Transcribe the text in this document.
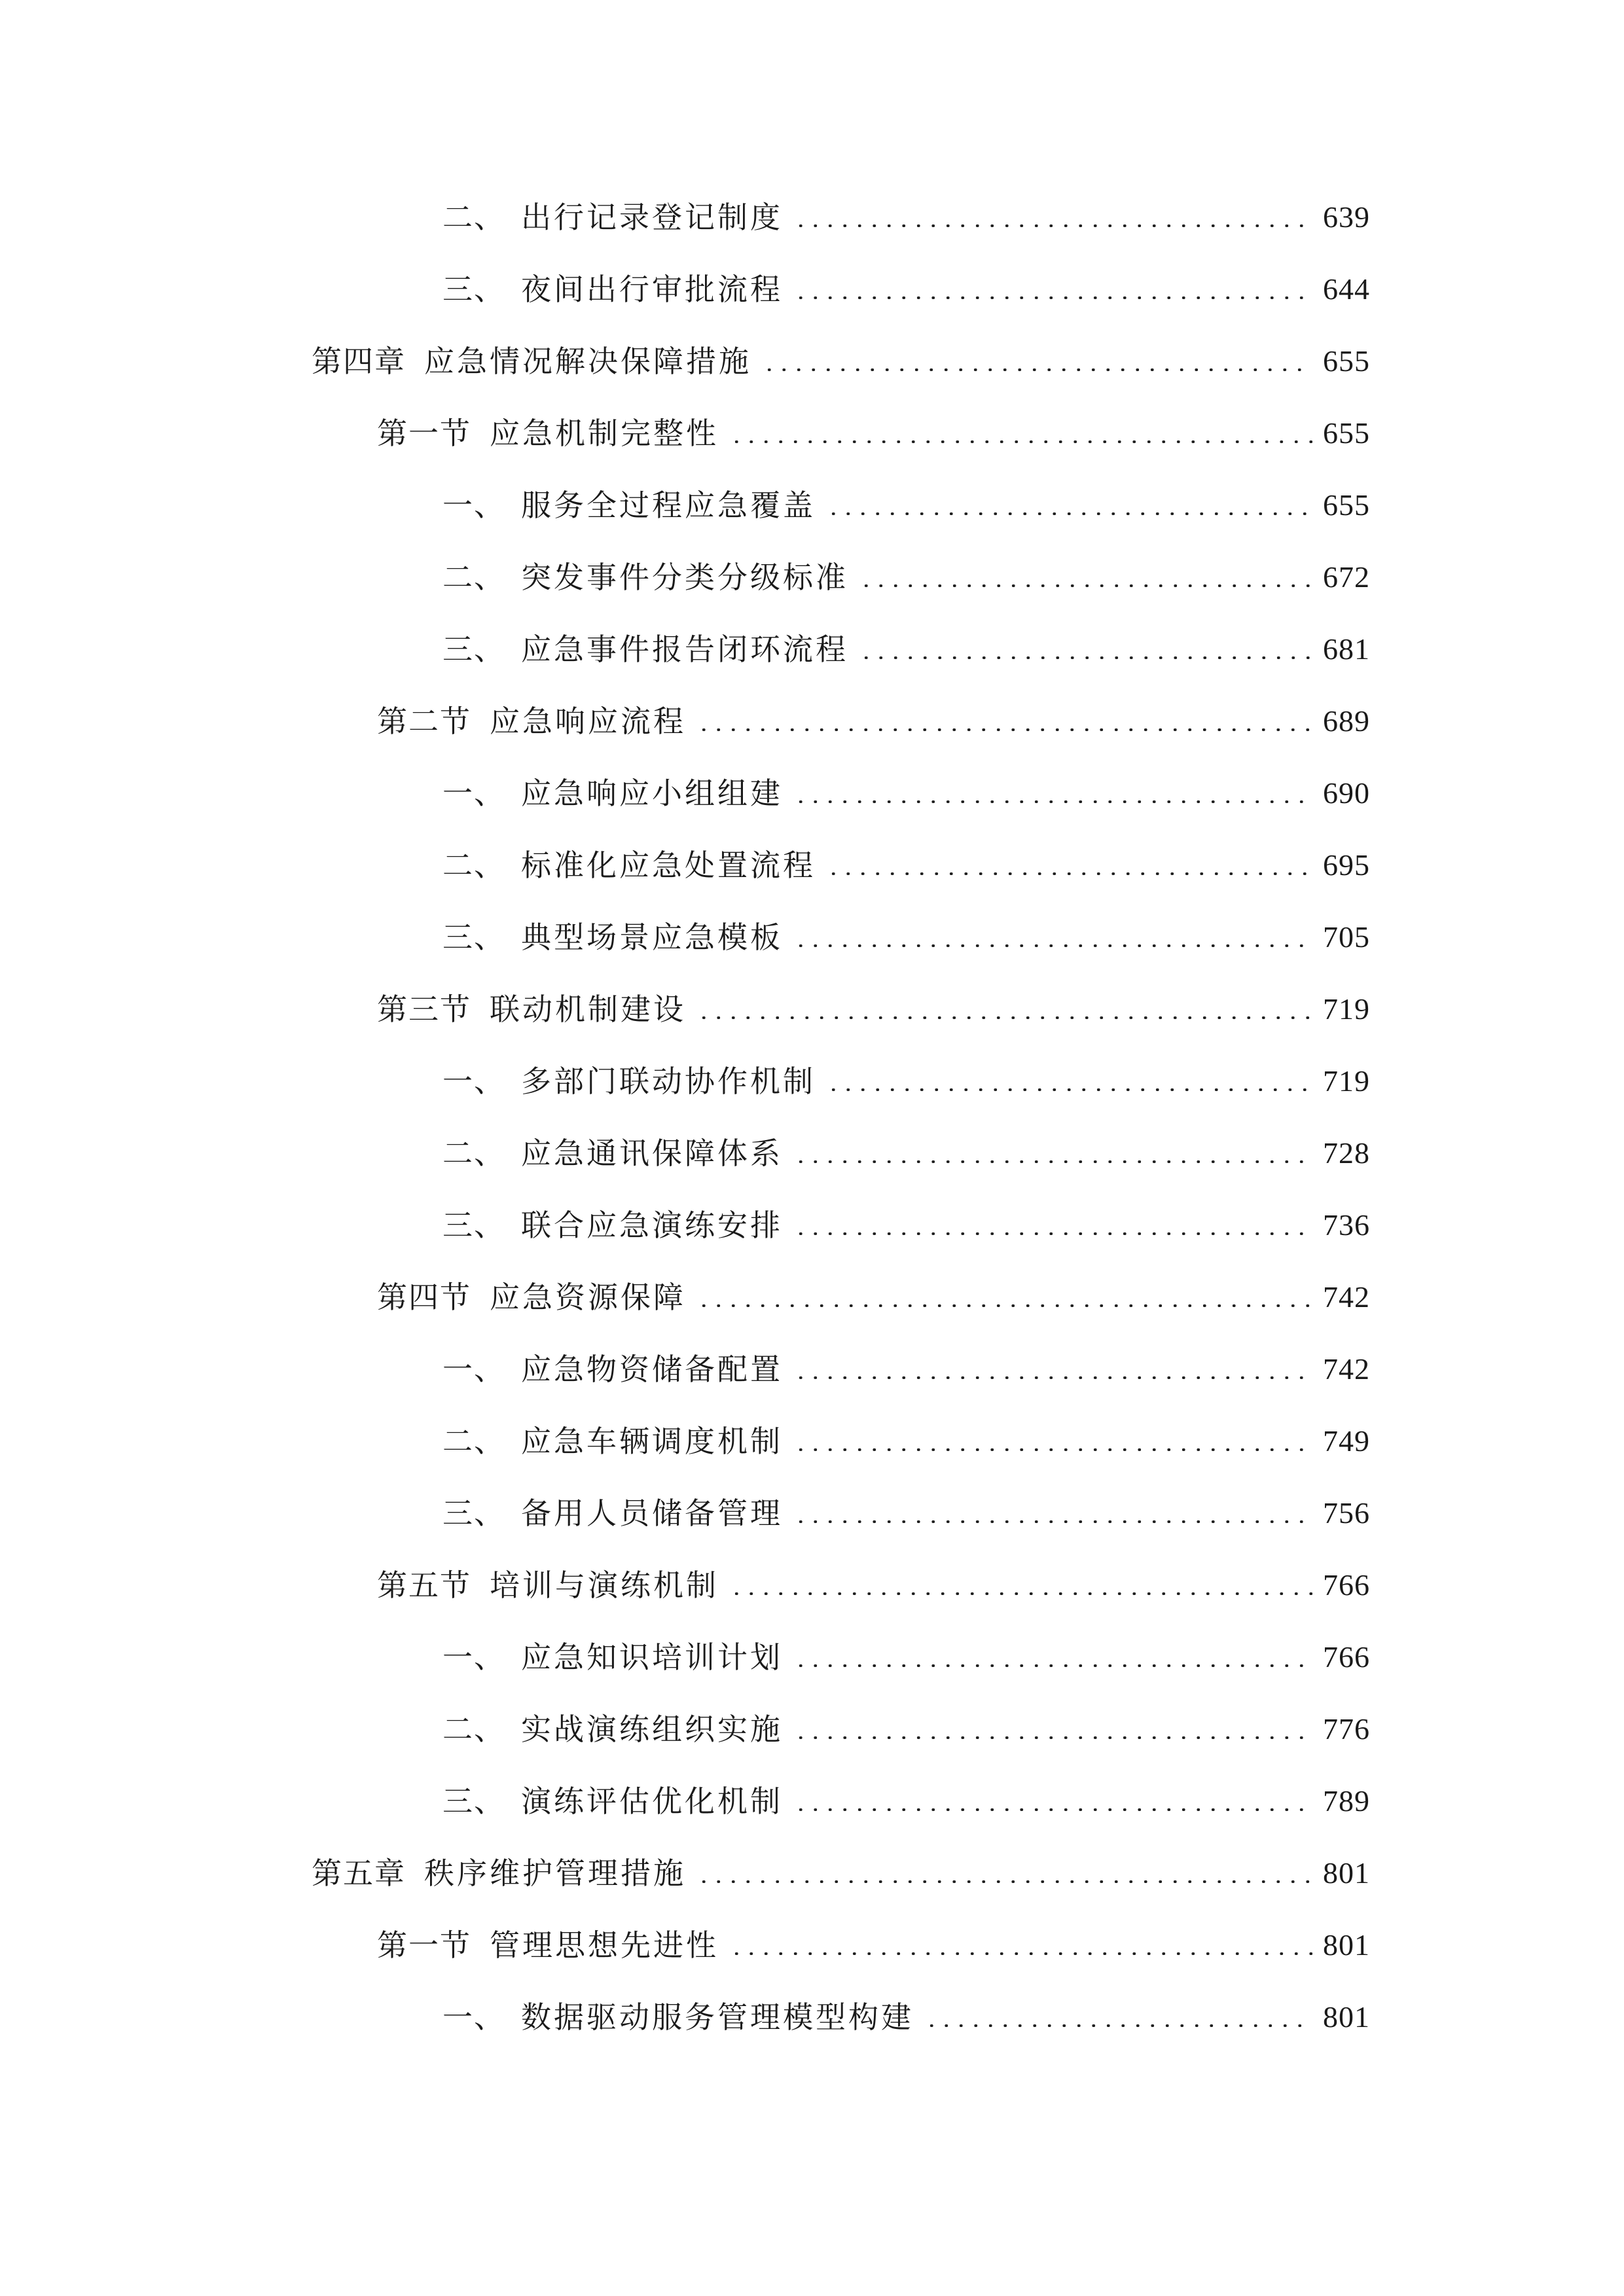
二、 出行记录登记制度	639
三、 夜间出行审批流程	644
第四章 应急情况解决保障措施	655
第一节 应急机制完整性	655
一、 服务全过程应急覆盖	655
二、 突发事件分类分级标准	672
三、 应急事件报告闭环流程	681
第二节 应急响应流程	689
一、 应急响应小组组建	690
二、 标准化应急处置流程	695
三、 典型场景应急模板	705
第三节 联动机制建设	719
一、 多部门联动协作机制	719
二、 应急通讯保障体系	728
三、 联合应急演练安排	736
第四节 应急资源保障	742
一、 应急物资储备配置	742
二、 应急车辆调度机制	749
三、 备用人员储备管理	756
第五节 培训与演练机制	766
一、 应急知识培训计划	766
二、 实战演练组织实施	776
三、 演练评估优化机制	789
第五章 秩序维护管理措施	801
第一节 管理思想先进性	801
一、 数据驱动服务管理模型构建	801
